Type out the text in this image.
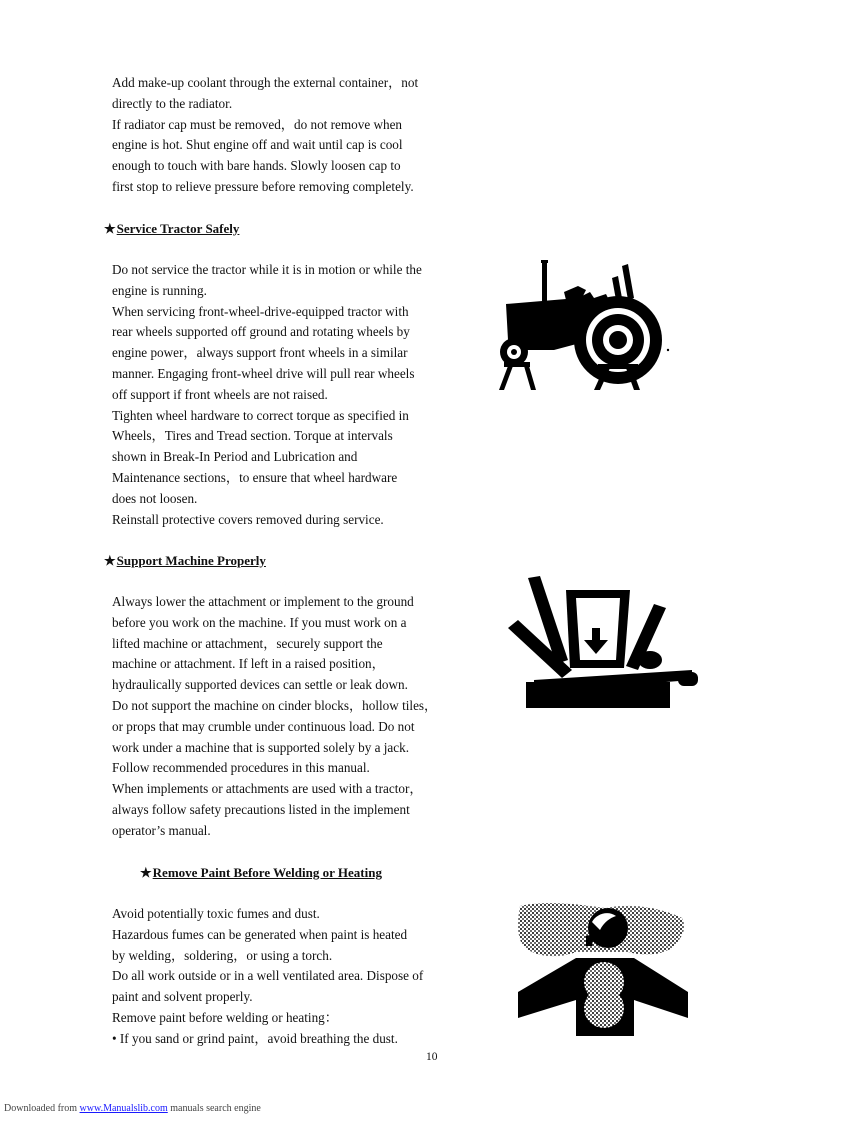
Add make-up coolant through the external container，not
directly to the radiator.
If radiator cap must be removed，do not remove when
engine is hot. Shut engine off and wait until cap is cool
enough to touch with bare hands. Slowly loosen cap to
first stop to relieve pressure before removing completely.
★Service Tractor Safely
Do not service the tractor while it is in motion or while the
engine is running.
When servicing front-wheel-drive-equipped tractor with
rear wheels supported off ground and rotating wheels by
engine power，always support front wheels in a similar
manner. Engaging front-wheel drive will pull rear wheels
off support if front wheels are not raised.
Tighten wheel hardware to correct torque as specified in
Wheels，Tires and Tread section. Torque at intervals
shown in Break-In Period and Lubrication and
Maintenance sections，to ensure that wheel hardware
does not loosen.
Reinstall protective covers removed during service.
★Support Machine Properly
Always lower the attachment or implement to the ground
before you work on the machine. If you must work on a
lifted machine or attachment，securely support the
machine or attachment. If left in a raised position，
hydraulically supported devices can settle or leak down.
Do not support the machine on cinder blocks，hollow tiles，
or props that may crumble under continuous load. Do not
work under a machine that is supported solely by a jack.
Follow recommended procedures in this manual.
When implements or attachments are used with a tractor，
always follow safety precautions listed in the implement
operator’s manual.
★Remove Paint Before Welding or Heating
Avoid potentially toxic fumes and dust.
Hazardous fumes can be generated when paint is heated
by welding，soldering，or using a torch.
Do all work outside or in a well ventilated area. Dispose of
paint and solvent properly.
Remove paint before welding or heating：
• If you sand or grind paint，avoid breathing the dust.
10
Downloaded from www.Manualslib.com manuals search engine
